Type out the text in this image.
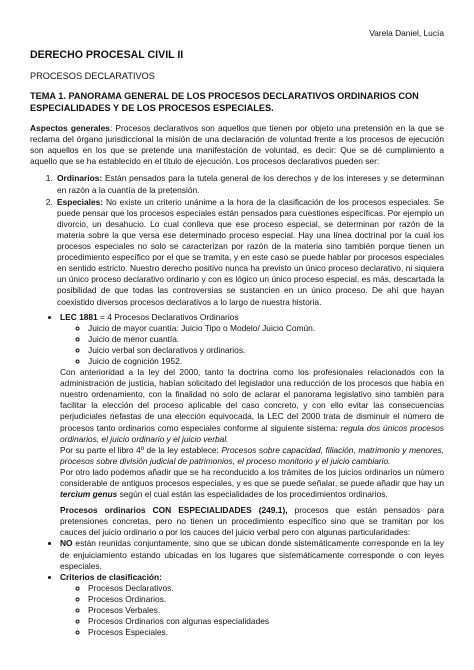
Varela Daniel, Lucía
DERECHO PROCESAL CIVIL II
PROCESOS DECLARATIVOS
TEMA 1. PANORAMA GENERAL DE LOS PROCESOS DECLARATIVOS ORDINARIOS CON ESPECIALIDADES Y DE LOS PROCESOS ESPECIALES.

Aspectos generales: Procesos declarativos son aquellos que tienen por objeto una pretensión en la que se reclama del órgano jurisdiccional la misión de una declaración de voluntad frente a los procesos de ejecución son aquellos en los que se pretende una manifestación de voluntad, es decir: Que se dé cumplimiento a aquello que se ha establecido en el título de ejecución. Los procesos declarativos pueden ser:

1. Ordinarios: Están pensados para la tutela general de los derechos y de los intereses y se determinan en razón a la cuantía de la pretensión.
2. Especiales: No existe un criterio unánime a la hora de la clasificación de los procesos especiales. Se puede pensar que los procesos especiales están pensados para cuestiones específicas. Por ejemplo un divorcio, un desahucio. Lo cual conlleva que ese proceso especial, se determinan por razón de la materia sobre la que versa ese determinado proceso especial. Hay una línea doctrinal por la cual los procesos especiales no solo se caracterizan por razón de la materia sino también porque tienen un procedimiento específico por el que se tramita, y en este caso se puede hablar por procesos especiales en sentido estricto. Nuestro derecho positivo nunca ha previsto un único proceso declarativo, ni siquiera un único proceso declarativo ordinario y con es lógico un único proceso especial, es más, descartada la posibilidad de que todas las controversias se sustancien en un único proceso. De ahí que hayan coexistido diversos procesos declarativos a lo largo de nuestra historia.
• LEC 1881 = 4 Procesos Declarativos Ordinarios
◦ Juicio de mayor cuantía: Juicio Tipo o Modelo/ Juicio Común.
◦ Juicio de menor cuantía.
◦ Juicio verbal son declarativos y ordinarios.
◦ Juicio de cognición 1952.

Con anterioridad a la ley del 2000, tanto la doctrina como los profesionales relacionados con la administración de justicia, habían solicitado del legislador una reducción de los procesos que había en nuestro ordenamiento, con la finalidad no solo de aclarar el panorama legislativo sino también para facilitar la elección del proceso aplicable del caso concreto, y con ello evitar las consecuencias perjudiciales nefastas de una elección equivocada, la LEC del 2000 trata de disminuir el número de procesos tanto ordinarios como especiales conforme al siguiente sistema: regula dos únicos procesos ordinarios, el juicio ordinario y el juicio verbal.

Por su parte el libro 4º de la ley establece: Procesos sobre capacidad, filiación, matrimonio y menores, procesos sobre división judicial de patrimonios, el proceso monitorio y el juicio cambiario.

Por otro lado podemos añadir que se ha reconducido a los trámites de los juicios ordinarios un número considerable de antiguos procesos especiales, y es que se puede señalar, se puede añadir que hay un tercium genus según el cual están las especialidades de los procedimientos ordinarios.

Procesos ordinarios CON ESPECIALIDADES (249.1), procesos que están pensados para pretensiones concretas, pero no tienen un procedimiento específico sino que se tramitan por los cauces del juicio ordinario o por los cauces del juicio verbal pero con algunas particularidades:

• NO están reunidas conjuntamente, sino que se ubican donde sistemáticamente corresponde en la ley de enjuiciamiento estando ubicadas en los lugares que sistemáticamente corresponde o con leyes especiales.
• Criterios de clasificación:
◦ Procesos Declarativos.
◦ Procesos Ordinarios.
◦ Procesos Verbales.
◦ Procesos Ordinarios con algunas especialidades
◦ Procesos Especiales.
